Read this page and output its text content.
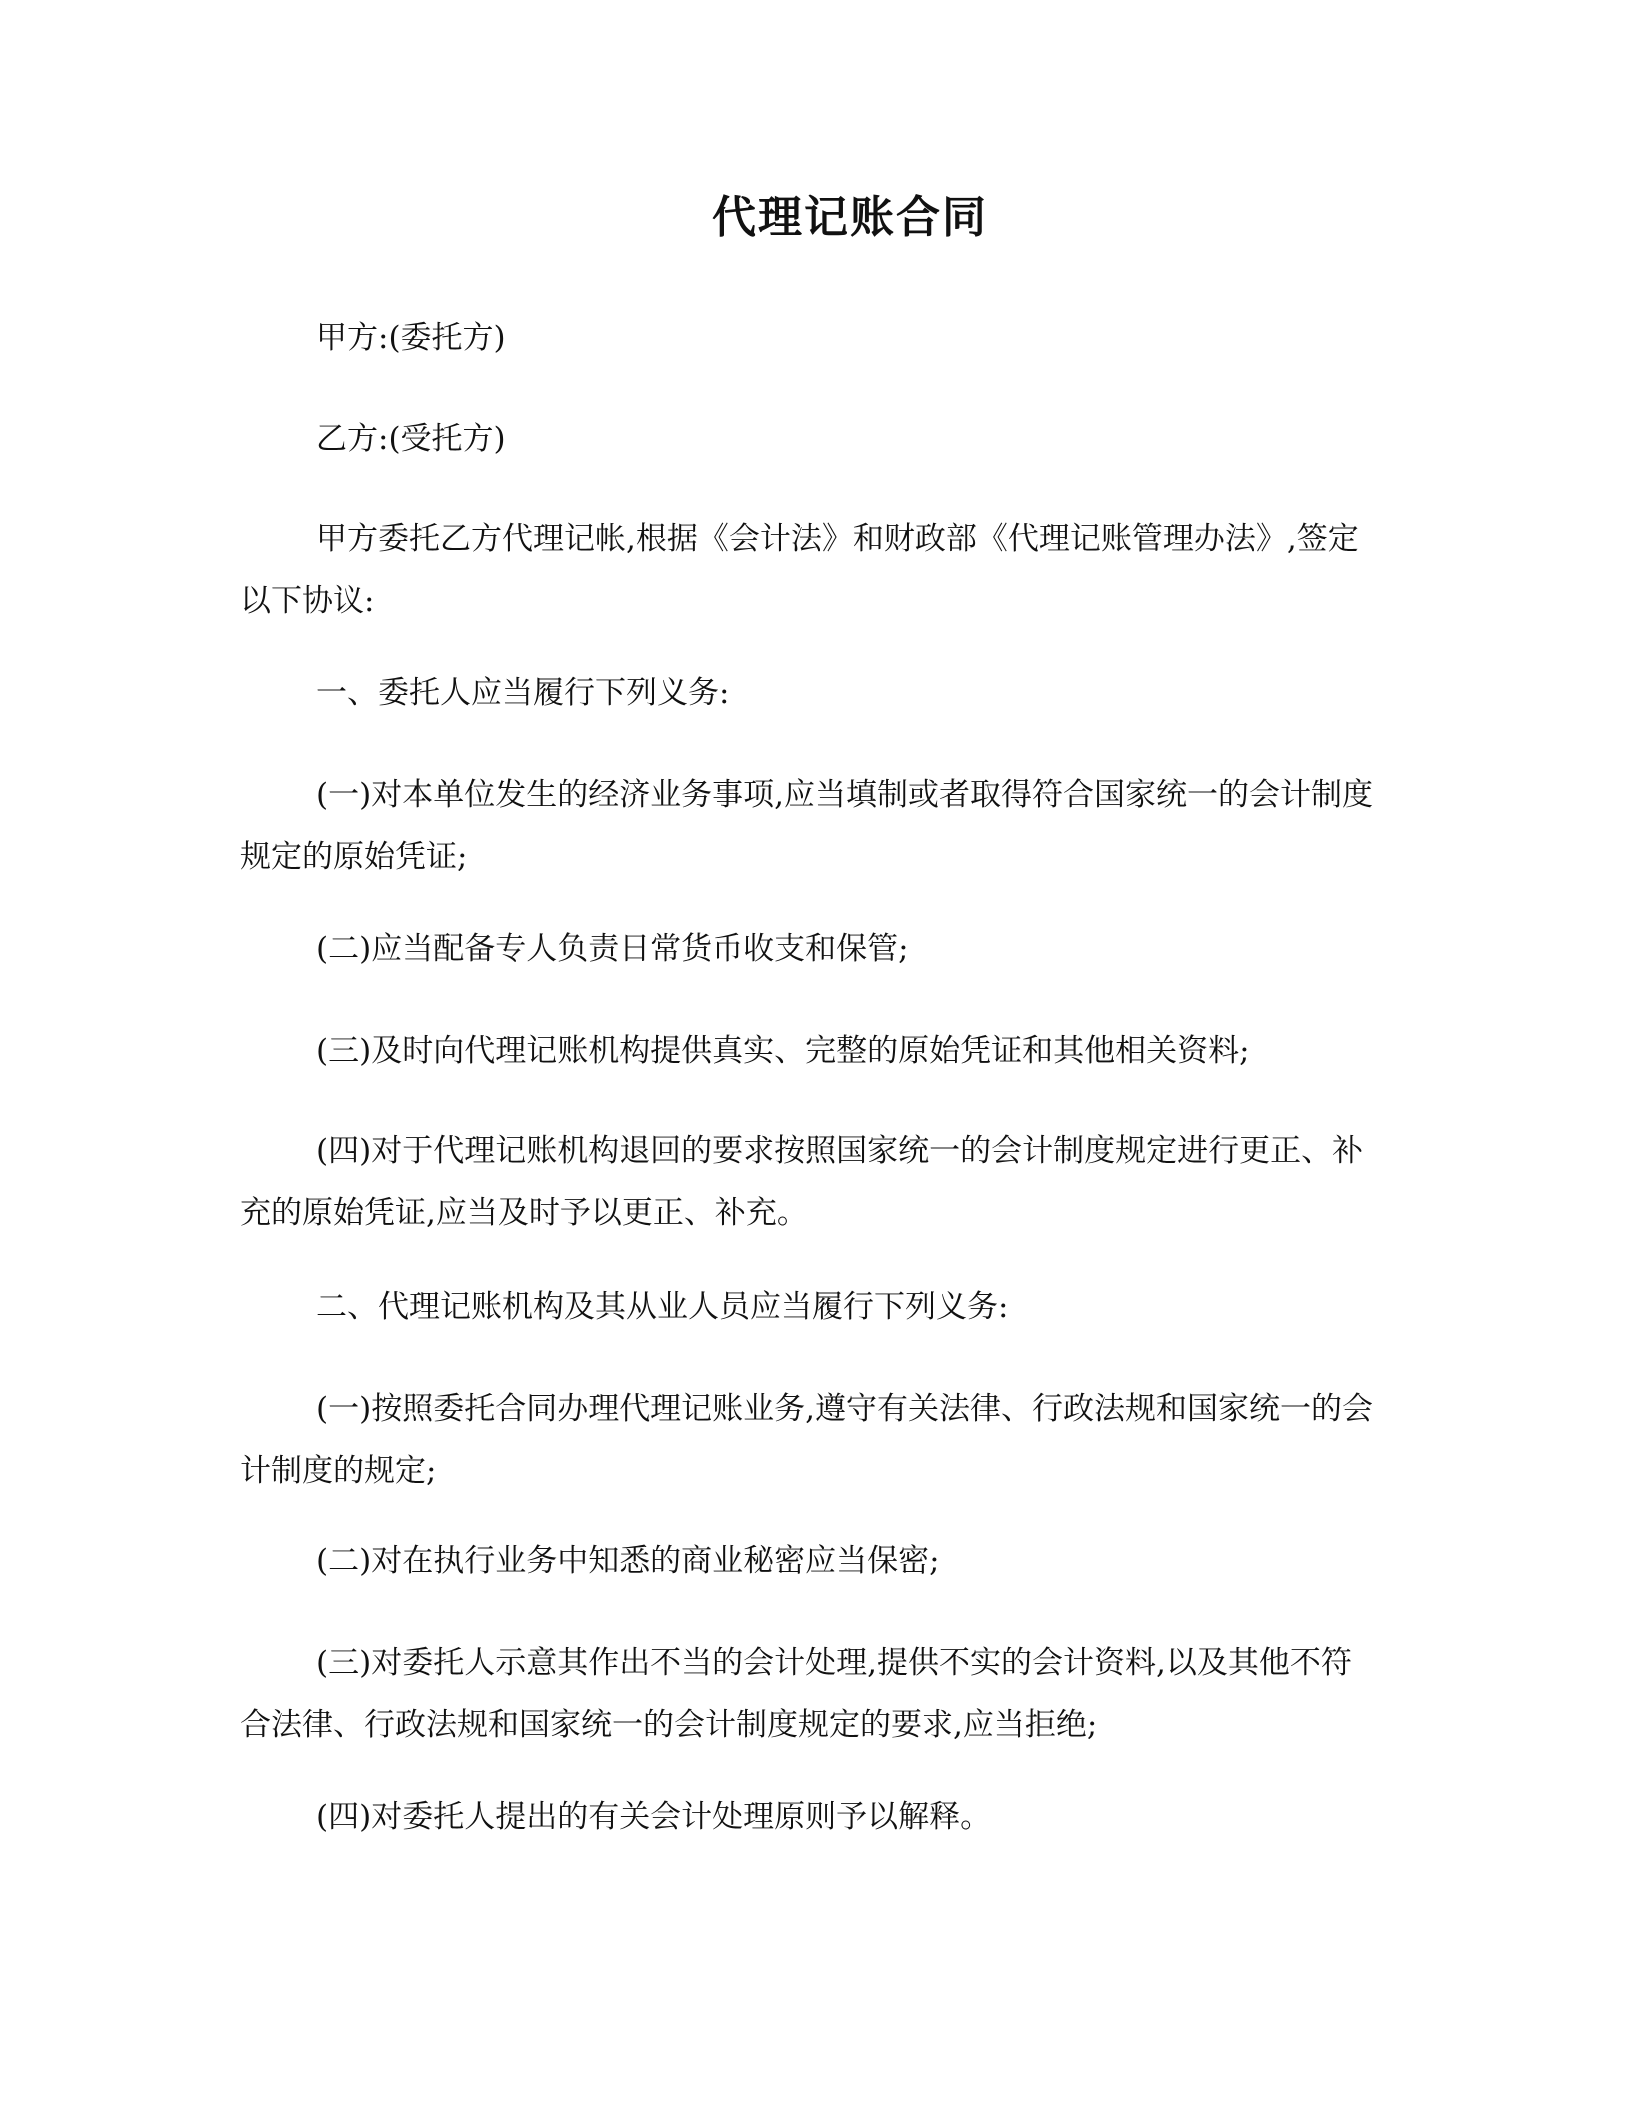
代理记账合同

甲方:(委托方)

乙方:(受托方)

甲方委托乙方代理记帐,根据《会计法》和财政部《代理记账管理办法》,签定以下协议:

一、委托人应当履行下列义务:

(一)对本单位发生的经济业务事项,应当填制或者取得符合国家统一的会计制度规定的原始凭证;

(二)应当配备专人负责日常货币收支和保管;

(三)及时向代理记账机构提供真实、完整的原始凭证和其他相关资料;

(四)对于代理记账机构退回的要求按照国家统一的会计制度规定进行更正、补充的原始凭证,应当及时予以更正、补充。

二、代理记账机构及其从业人员应当履行下列义务:

(一)按照委托合同办理代理记账业务,遵守有关法律、行政法规和国家统一的会计制度的规定;

(二)对在执行业务中知悉的商业秘密应当保密;

(三)对委托人示意其作出不当的会计处理,提供不实的会计资料,以及其他不符合法律、行政法规和国家统一的会计制度规定的要求,应当拒绝;

(四)对委托人提出的有关会计处理原则予以解释。
